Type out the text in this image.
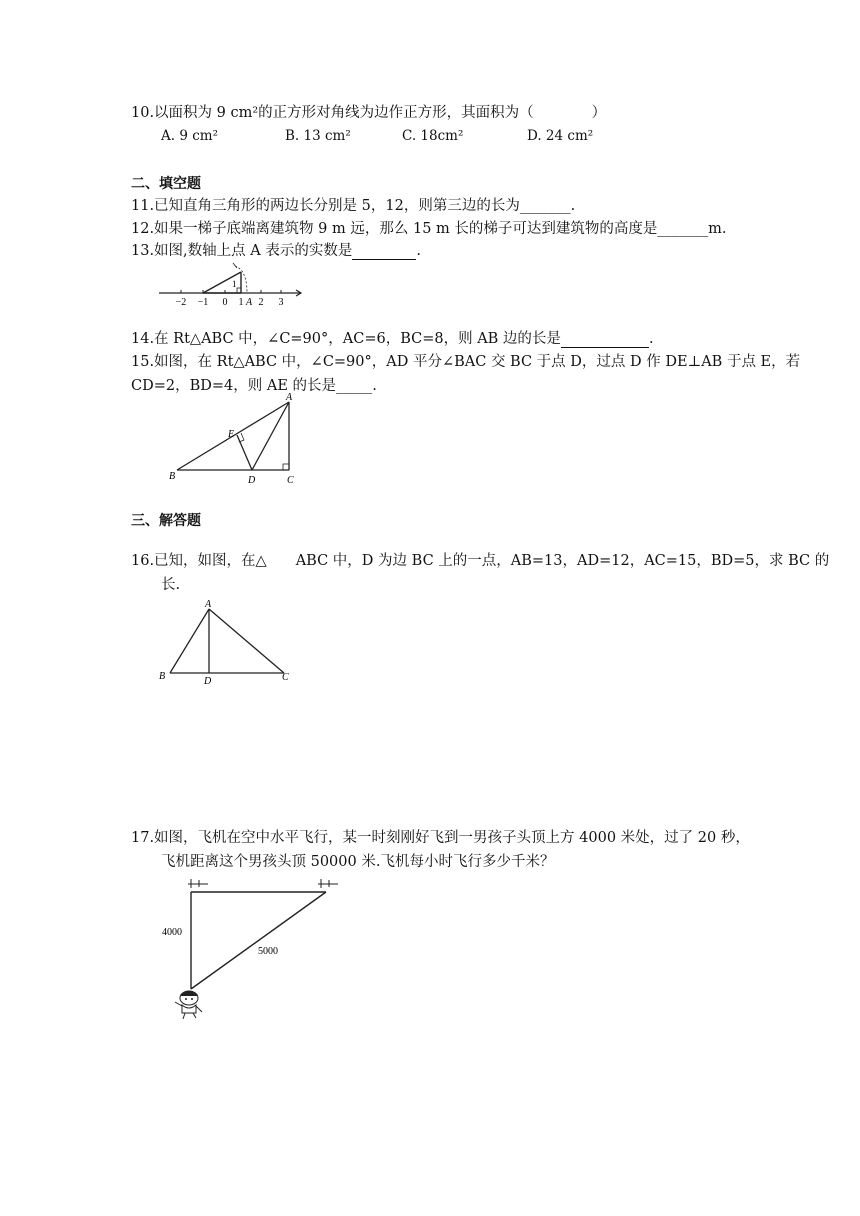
10.以面积为 9 cm²的正方形对角线为边作正方形，其面积为（　　　　）
A. 9 cm²	B. 13 cm²	C. 18cm²	D. 24 cm²
二、填空题
11.已知直角三角形的两边长分别是 5，12，则第三边的长为_______.
12.如果一梯子底端离建筑物 9 m 远，那么 15 m 长的梯子可达到建筑物的高度是_______m.
13.如图,数轴上点 A 表示的实数是	.
1
−2 −1 0 1 A 2 3
14.在 Rt△ABC 中，∠C=90°，AC=6，BC=8，则 AB 边的长是	.
15.如图，在 Rt△ABC 中，∠C=90°，AD 平分∠BAC 交 BC 于点 D，过点 D 作 DE⊥AB 于点 E，若
CD=2，BD=4，则 AE 的长是_____.
A
B	C
D
E
三、解答题
16.已知，如图，在△　　ABC 中，D 为边 BC 上的一点，AB=13，AD=12，AC=15，BD=5，求 BC 的
长.
A
B	C
D
17.如图，飞机在空中水平飞行，某一时刻刚好飞到一男孩子头顶上方 4000 米处，过了 20 秒，
飞机距离这个男孩头顶 50000 米.飞机每小时飞行多少千米？
4000
5000
